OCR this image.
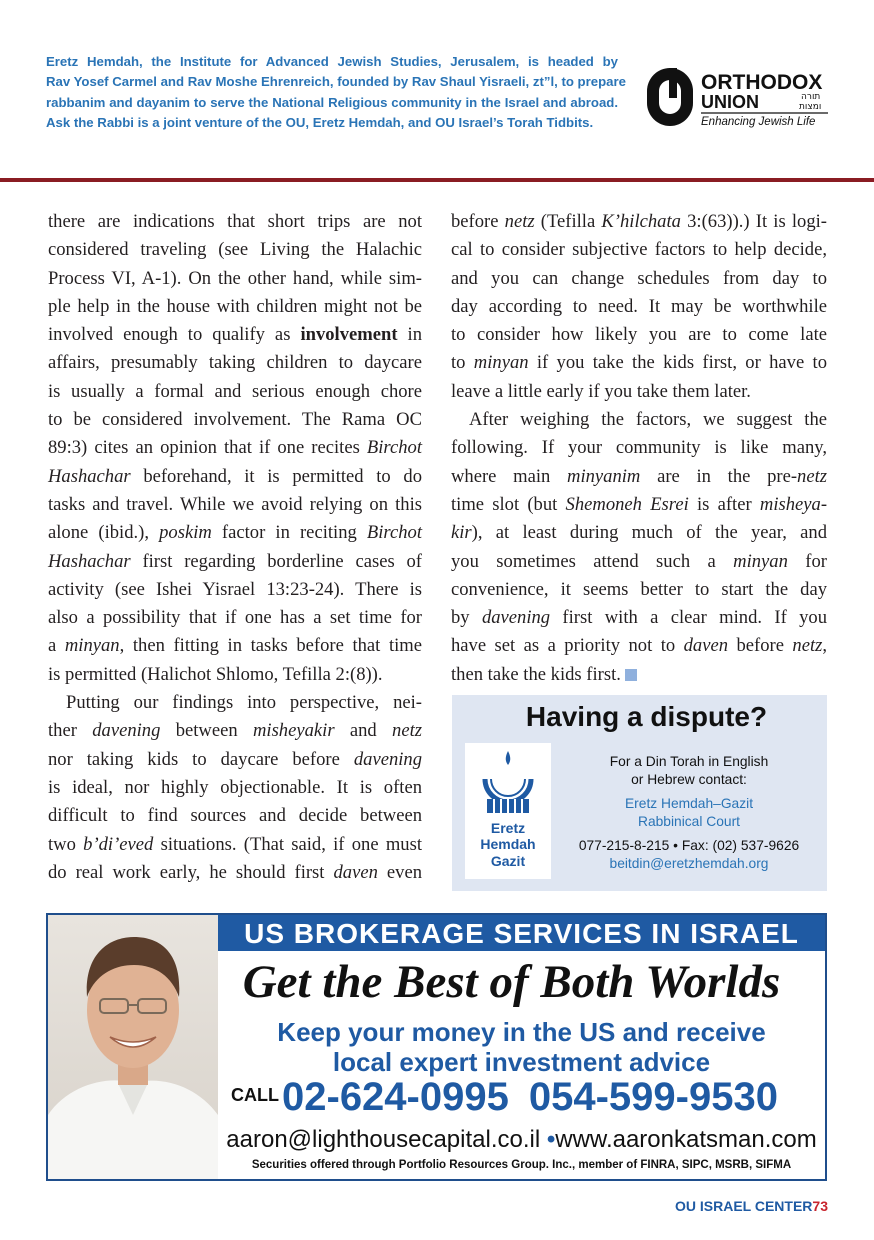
Eretz Hemdah, the Institute for Advanced Jewish Studies, Jerusalem, is headed by
Rav Yosef Carmel and Rav Moshe Ehrenreich, founded by Rav Shaul Yisraeli, zt”l, to prepare
rabbanim and dayanim to serve the National Religious community in the Israel and abroad.
Ask the Rabbi is a joint venture of the OU, Eretz Hemdah, and OU Israel’s Torah Tidbits.
ORTHODOX
UNION	תורה
ומצות
Enhancing Jewish Life

there are indications that short trips are not
considered traveling (see Living the Halachic
Process VI, A-1). On the other hand, while sim-
ple help in the house with children might not be
involved enough to qualify as involvement in
affairs, presumably taking children to daycare
is usually a formal and serious enough chore
to be considered involvement. The Rama OC
89:3) cites an opinion that if one recites Birchot
Hashachar beforehand, it is permitted to do
tasks and travel. While we avoid relying on this
alone (ibid.), poskim factor in reciting Birchot
Hashachar first regarding borderline cases of
activity (see Ishei Yisrael 13:23-24). There is
also a possibility that if one has a set time for
a minyan, then fitting in tasks before that time
is permitted (Halichot Shlomo, Tefilla 2:(8)).

Putting our findings into perspective, nei-
ther davening between misheyakir and netz
nor taking kids to daycare before davening
is ideal, nor highly objectionable. It is often
difficult to find sources and decide between
two b’di’eved situations. (That said, if one must
do real work early, he should first daven even

before netz (Tefilla K’hilchata 3:(63)).) It is logi-
cal to consider subjective factors to help decide,
and you can change schedules from day to
day according to need. It may be worthwhile
to consider how likely you are to come late
to minyan if you take the kids first, or have to
leave a little early if you take them later.

After weighing the factors, we suggest the
following. If your community is like many,
where main minyanim are in the pre-netz
time slot (but Shemoneh Esrei is after misheya-
kir), at least during much of the year, and
you sometimes attend such a minyan for
convenience, it seems better to start the day
by davening first with a clear mind. If you
have set as a priority not to daven before netz,
then take the kids first.

Having a dispute?
Eretz
Hemdah
Gazit
For a Din Torah in English
or Hebrew contact:
Eretz Hemdah–Gazit
Rabbinical Court
077-215-8-215 • Fax: (02) 537-9626
beitdin@eretzhemdah.org
US BROKERAGE SERVICES IN ISRAEL
Get the Best of Both Worlds
Keep your money in the US and receive
local expert investment advice
CALL 02-624-0995 054-599-9530
aaron@lighthousecapital.co.il •www.aaronkatsman.com
Securities offered through Portfolio Resources Group. Inc., member of FINRA, SIPC, MSRB, SIFMA
OU ISRAEL CENTER73
